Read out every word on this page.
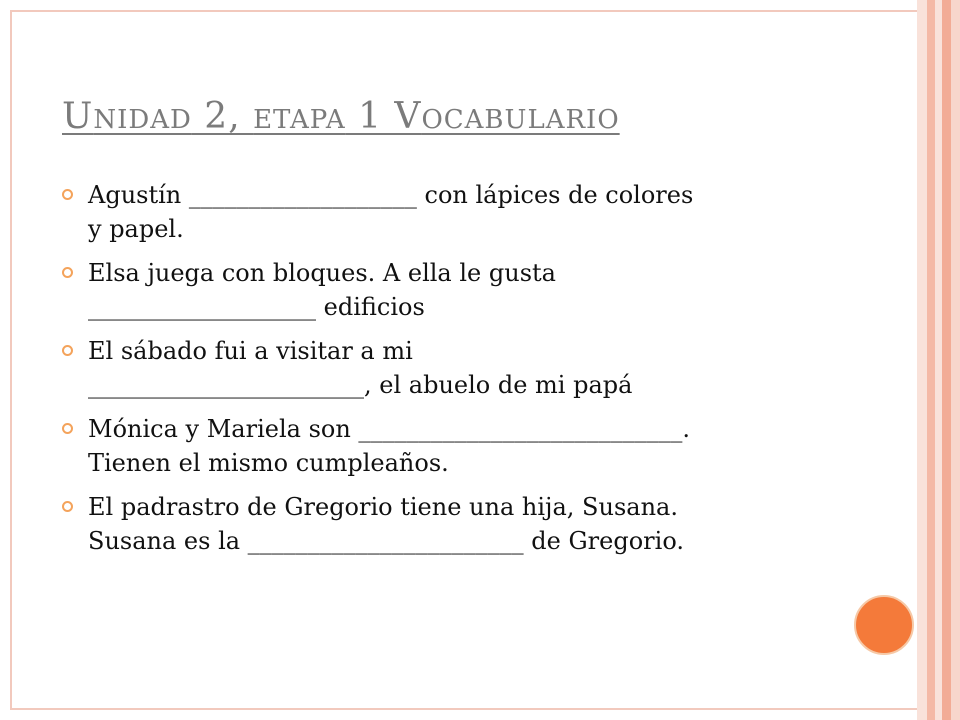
UNIDAD 2, ETAPA 1 VOCABULARIO
Agustín ___________________ con lápices de colores
y papel.
Elsa juega con bloques. A ella le gusta
___________________ edificios
El sábado fui a visitar a mi
_______________________, el abuelo de mi papá
Mónica y Mariela son ___________________________.
Tienen el mismo cumpleaños.
El padrastro de Gregorio tiene una hija, Susana.
Susana es la _______________________ de Gregorio.
